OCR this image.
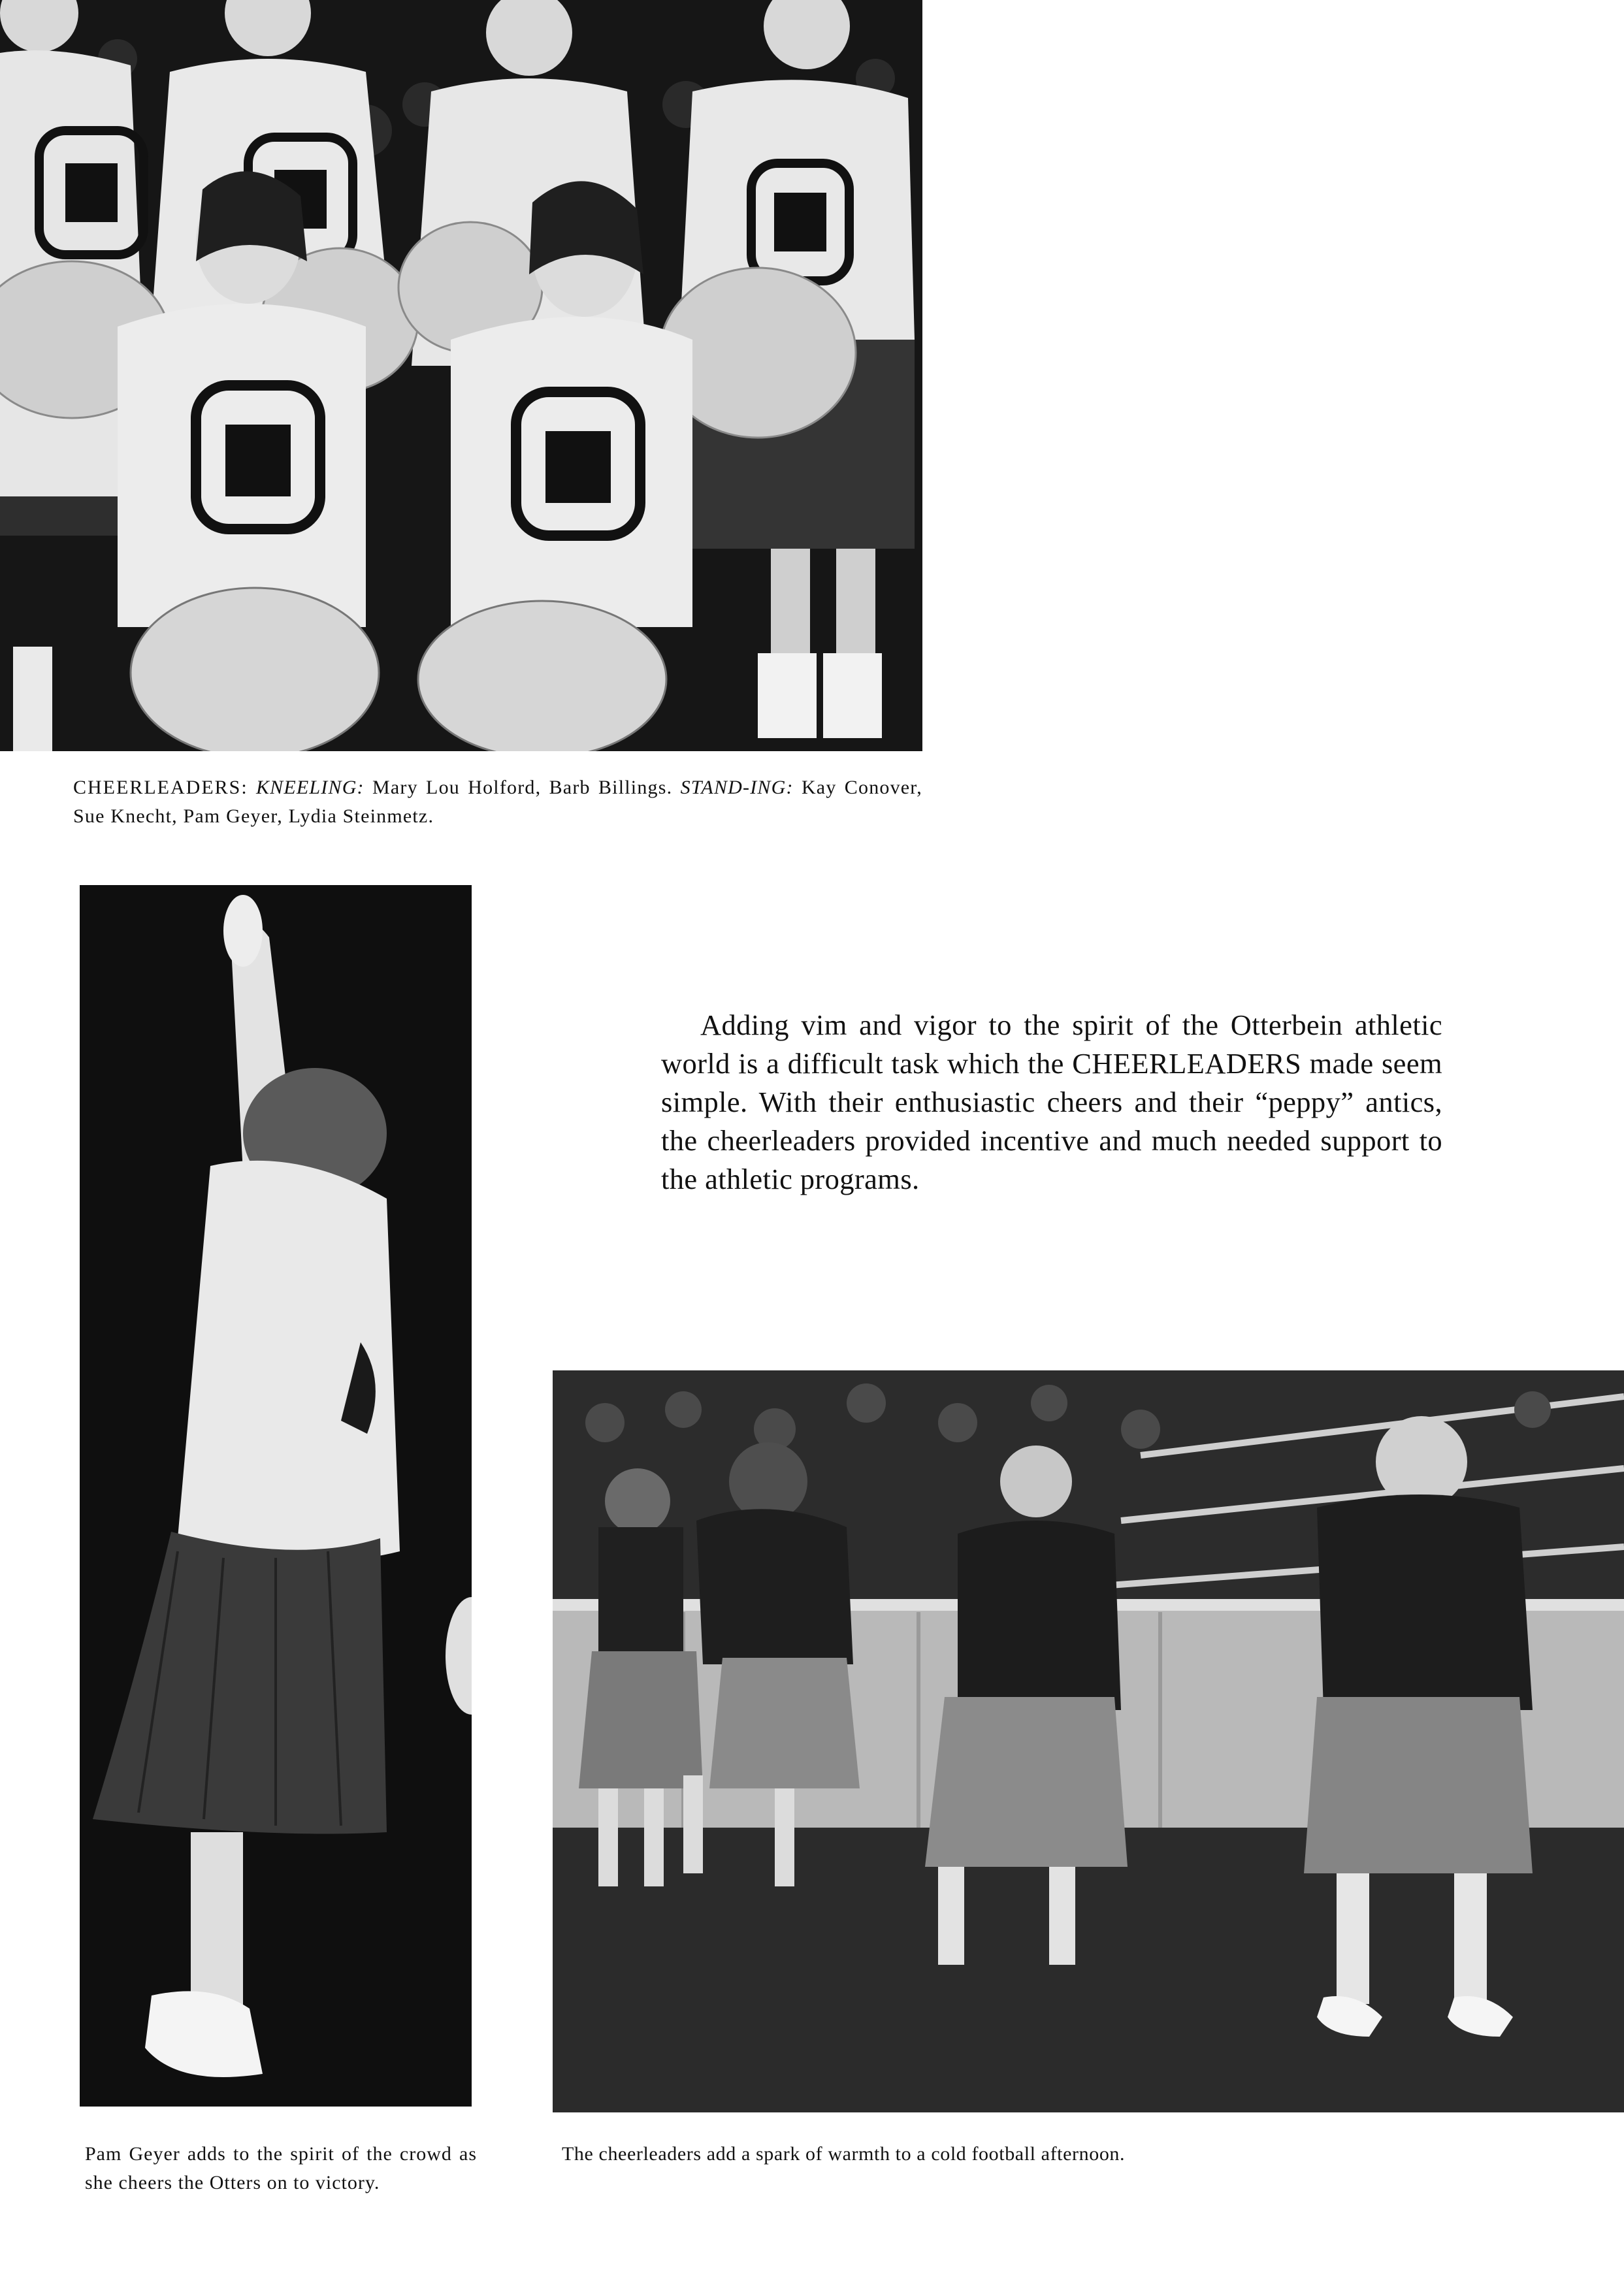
CHEERLEADERS: KNEELING: Mary Lou Holford, Barb Billings. STAND-ING: Kay Conover, Sue Knecht, Pam Geyer, Lydia Steinmetz.
Adding vim and vigor to the spirit of the Otterbein athletic world is a difficult task which the CHEERLEADERS made seem simple. With their enthusiastic cheers and their “peppy” antics, the cheerleaders provided incentive and much needed support to the athletic programs.
Pam Geyer adds to the spirit of the crowd as she cheers the Otters on to victory.
The cheerleaders add a spark of warmth to a cold football afternoon.
